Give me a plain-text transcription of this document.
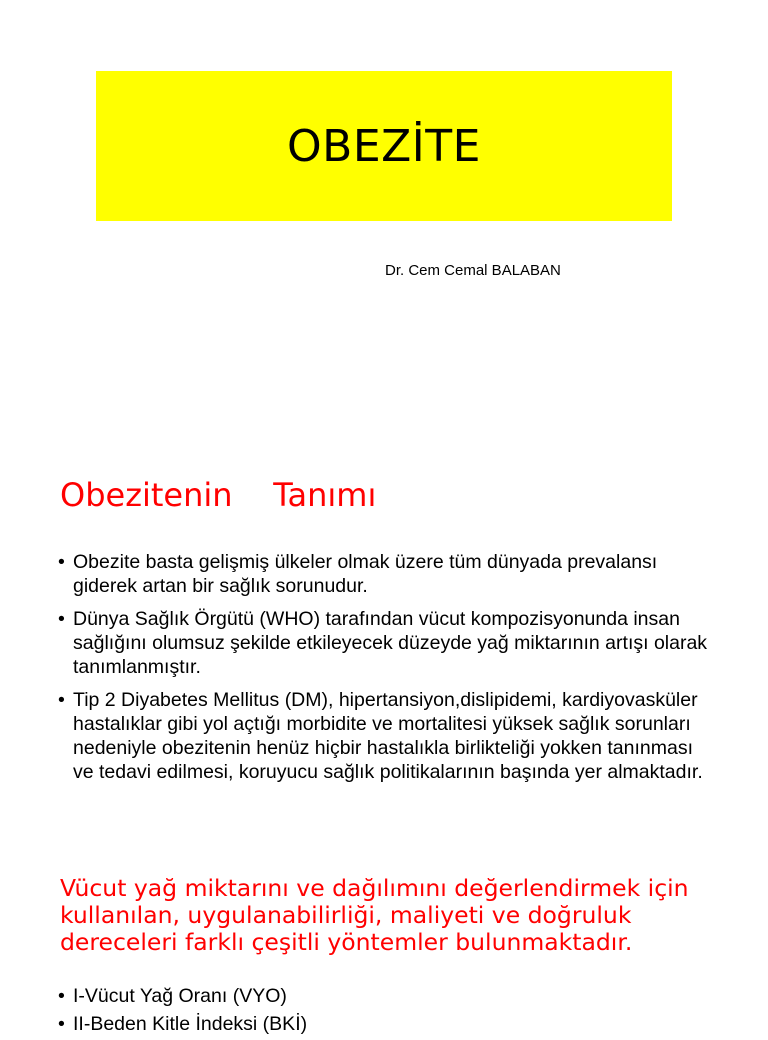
OBEZİTE
Dr. Cem Cemal BALABAN
Obezitenin    Tanımı
• Obezite basta gelişmiş ülkeler olmak üzere tüm dünyada prevalansı giderek artan bir sağlık sorunudur.
• Dünya Sağlık Örgütü (WHO) tarafından vücut kompozisyonunda insan sağlığını olumsuz şekilde etkileyecek düzeyde yağ miktarının artışı olarak tanımlanmıştır.
• Tip 2 Diyabetes Mellitus (DM), hipertansiyon,dislipidemi, kardiyovasküler hastalıklar gibi yol açtığı morbidite ve mortalitesi yüksek sağlık sorunları nedeniyle obezitenin henüz hiçbir hastalıkla birlikteliği yokken tanınması ve tedavi edilmesi, koruyucu sağlık politikalarının başında yer almaktadır.
Vücut yağ miktarını ve dağılımını değerlendirmek için kullanılan, uygulanabilirliği, maliyeti ve doğruluk dereceleri farklı çeşitli yöntemler bulunmaktadır.
• I-Vücut Yağ Oranı (VYO)
• II-Beden Kitle İndeksi (BKİ)
